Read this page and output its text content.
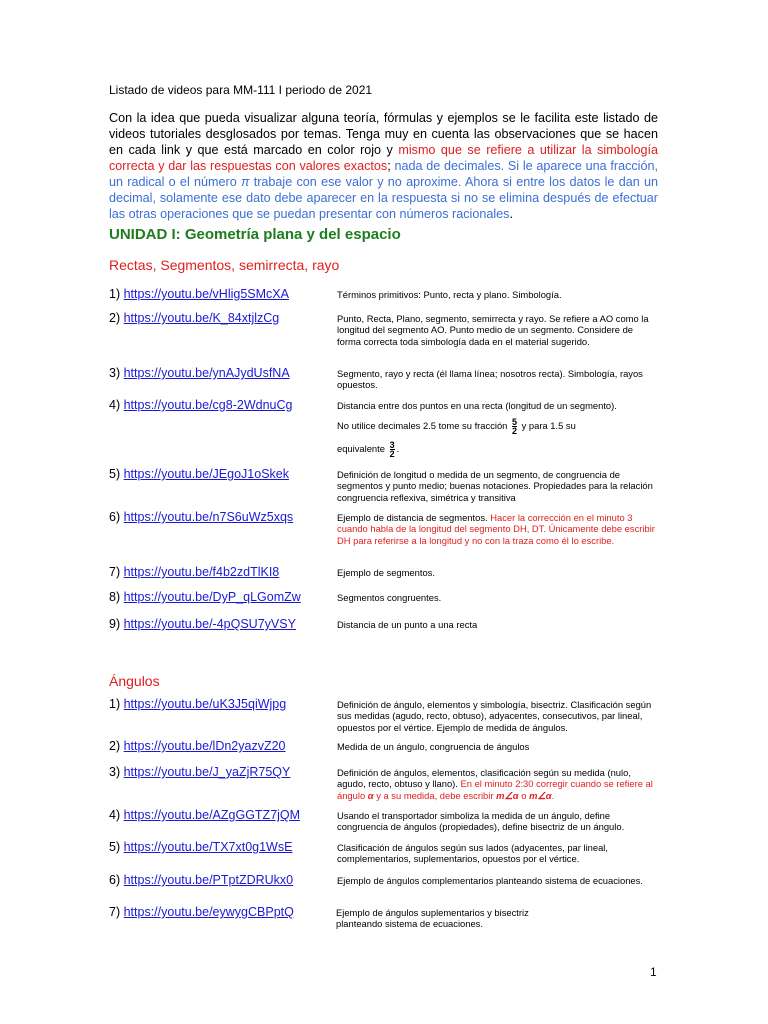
Listado de videos para MM-111 I periodo de 2021
Con la idea que pueda visualizar alguna teoría, fórmulas y ejemplos se le facilita este listado de videos tutoriales desglosados por temas. Tenga muy en cuenta las observaciones que se hacen en cada link y que está marcado en color rojo y mismo que se refiere a utilizar la simbología correcta y dar las respuestas con valores exactos; nada de decimales. Si le aparece una fracción, un radical o el número π trabaje con ese valor y no aproxime. Ahora si entre los datos le dan un decimal, solamente ese dato debe aparecer en la respuesta si no se elimina después de efectuar las otras operaciones que se puedan presentar con números racionales.
UNIDAD I: Geometría plana y del espacio
Rectas, Segmentos, semirrecta, rayo
1) https://youtu.be/vHlig5SMcXA	Términos primitivos: Punto, recta y plano. Simbología.
2) https://youtu.be/K_84xtjlzCg	Punto, Recta, Plano, segmento, semirrecta y rayo. Se refiere a AO como la longitud del segmento AO. Punto medio de un segmento. Considere de forma correcta toda simbología dada en el material sugerido.
3) https://youtu.be/ynAJydUsfNA	Segmento, rayo y recta (él llama línea; nosotros recta). Simbología, rayos opuestos.
4) https://youtu.be/cg8-2WdnuCg	Distancia entre dos puntos en una recta (longitud de un segmento).
No utilice decimales 2.5 tome su fracción $\frac{5}{2}$ y para 1.5 su
equivalente $\frac{3}{2}$ .
5) https://youtu.be/JEgoJ1oSkek	Definición de longitud o medida de un segmento, de congruencia de segmentos y punto medio; buenas notaciones. Propiedades para la relación congruencia reflexiva, simétrica y transitiva
6) https://youtu.be/n7S6uWz5xqs	Ejemplo de distancia de segmentos. Hacer la corrección en el minuto 3 cuando habla de la longitud del segmento DH, DT. Únicamente debe escribir DH para referirse a la longitud y no con la traza como él lo escribe.
7) https://youtu.be/f4b2zdTlKI8	Ejemplo de segmentos.
8) https://youtu.be/DyP_qLGomZw	Segmentos congruentes.
9) https://youtu.be/-4pQSU7yVSY	Distancia de un punto a una recta
Ángulos
1) https://youtu.be/uK3J5qiWjpg	Definición de ángulo, elementos y simbología, bisectriz. Clasificación según sus medidas (agudo, recto, obtuso), adyacentes, consecutivos, par lineal, opuestos por el vértice. Ejemplo de medida de ángulos.
2) https://youtu.be/lDn2yazvZ20	Medida de un ángulo, congruencia de ángulos
3) https://youtu.be/J_yaZjR75QY	Definición de ángulos, elementos, clasificación según su medida (nulo, agudo, recto, obtuso y llano). En el minuto 2:30 corregir cuando se refiere al ángulo α y a su medida, debe escribir m∠α o m∠α.
4) https://youtu.be/AZgGGTZ7jQM	Usando el transportador simboliza la medida de un ángulo, define congruencia de ángulos (propiedades), define bisectriz de un ángulo.
5) https://youtu.be/TX7xt0g1WsE	Clasificación de ángulos según sus lados (adyacentes, par lineal, complementarios, suplementarios, opuestos por el vértice.
6) https://youtu.be/PTptZDRUkx0	Ejemplo de ángulos complementarios planteando sistema de ecuaciones.
7) https://youtu.be/eywygCBPptQ	Ejemplo de ángulos suplementarios y bisectriz planteando sistema de ecuaciones.
1
